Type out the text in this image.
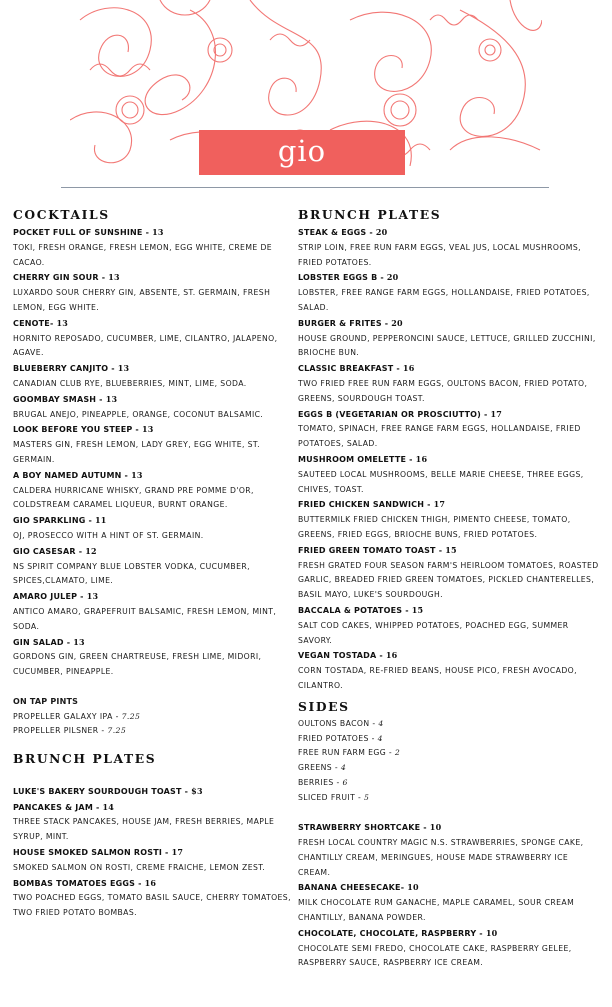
gio
COCKTAILS
POCKET FULL OF SUNSHINE - 13
TOKI, FRESH ORANGE, FRESH LEMON, EGG WHITE, CREME DE CACAO.
CHERRY GIN SOUR - 13
LUXARDO SOUR CHERRY GIN, ABSENTE, ST. GERMAIN, FRESH LEMON, EGG WHITE.
CENOTE- 13
HORNITO REPOSADO, CUCUMBER, LIME, CILANTRO, JALAPENO, AGAVE.
BLUEBERRY CANJITO - 13
CANADIAN CLUB RYE, BLUEBERRIES, MINT, LIME, SODA.
GOOMBAY SMASH - 13
BRUGAL ANEJO, PINEAPPLE, ORANGE, COCONUT BALSAMIC.
LOOK BEFORE YOU STEEP - 13
MASTERS GIN, FRESH LEMON, LADY GREY, EGG WHITE, ST. GERMAIN.
A BOY NAMED AUTUMN - 13
CALDERA HURRICANE WHISKY, GRAND PRE POMME D'OR, COLDSTREAM CARAMEL LIQUEUR, BURNT ORANGE.
GIO SPARKLING - 11
OJ, PROSECCO WITH A HINT OF ST. GERMAIN.
GIO CASESAR - 12
NS SPIRIT COMPANY BLUE LOBSTER VODKA, CUCUMBER, SPICES,CLAMATO, LIME.
AMARO JULEP - 13
ANTICO AMARO, GRAPEFRUIT BALSAMIC, FRESH LEMON, MINT, SODA.
GIN SALAD - 13
GORDONS GIN, GREEN CHARTREUSE, FRESH LIME, MIDORI, CUCUMBER, PINEAPPLE.
ON TAP PINTS
PROPELLER GALAXY IPA - 7.25
PROPELLER PILSNER - 7.25
BRUNCH PLATES
LUKE'S BAKERY SOURDOUGH TOAST - $3
PANCAKES & JAM - 14
THREE STACK PANCAKES, HOUSE JAM, FRESH BERRIES, MAPLE SYRUP, MINT.
HOUSE SMOKED SALMON ROSTI - 17
SMOKED SALMON ON ROSTI, CREME FRAICHE, LEMON ZEST.
BOMBAS TOMATOES EGGS - 16
TWO POACHED EGGS, TOMATO BASIL SAUCE, CHERRY TOMATOES, TWO FRIED POTATO BOMBAS.
BRUNCH PLATES
STEAK & EGGS - 20
STRIP LOIN, FREE RUN FARM EGGS, VEAL JUS, LOCAL MUSHROOMS, FRIED POTATOES.
LOBSTER EGGS B - 20
LOBSTER, FREE RANGE FARM EGGS, HOLLANDAISE, FRIED POTATOES, SALAD.
BURGER & FRITES - 20
HOUSE GROUND, PEPPERONCINI SAUCE, LETTUCE, GRILLED ZUCCHINI, BRIOCHE BUN.
CLASSIC BREAKFAST - 16
TWO FRIED FREE RUN FARM EGGS, OULTONS BACON, FRIED POTATO, GREENS, SOURDOUGH TOAST.
EGGS B (VEGETARIAN OR PROSCIUTTO) - 17
TOMATO, SPINACH, FREE RANGE FARM EGGS, HOLLANDAISE, FRIED POTATOES, SALAD.
MUSHROOM OMELETTE - 16
SAUTEED LOCAL MUSHROOMS, BELLE MARIE CHEESE, THREE EGGS, CHIVES, TOAST.
FRIED CHICKEN SANDWICH - 17
BUTTERMILK FRIED CHICKEN THIGH, PIMENTO CHEESE, TOMATO, GREENS, FRIED EGGS, BRIOCHE BUNS, FRIED POTATOES.
FRIED GREEN TOMATO TOAST - 15
FRESH GRATED FOUR SEASON FARM'S HEIRLOOM TOMATOES, ROASTED GARLIC, BREADED FRIED GREEN TOMATOES, PICKLED CHANTERELLES, BASIL MAYO, LUKE'S SOURDOUGH.
BACCALA & POTATOES - 15
SALT COD CAKES, WHIPPED POTATOES, POACHED EGG, SUMMER SAVORY.
VEGAN TOSTADA - 16
CORN TOSTADA, RE-FRIED BEANS, HOUSE PICO, FRESH AVOCADO, CILANTRO.
SIDES
OULTONS BACON - 4
FRIED POTATOES - 4
FREE RUN FARM EGG - 2
GREENS - 4
BERRIES - 6
SLICED FRUIT - 5
STRAWBERRY SHORTCAKE - 10
FRESH LOCAL COUNTRY MAGIC N.S. STRAWBERRIES, SPONGE CAKE, CHANTILLY CREAM, MERINGUES, HOUSE MADE STRAWBERRY ICE CREAM.
BANANA CHEESECAKE- 10
MILK CHOCOLATE RUM GANACHE, MAPLE CARAMEL, SOUR CREAM CHANTILLY, BANANA POWDER.
CHOCOLATE, CHOCOLATE, RASPBERRY - 10
CHOCOLATE SEMI FREDO, CHOCOLATE CAKE, RASPBERRY GELEE, RASPBERRY SAUCE, RASPBERRY ICE CREAM.
